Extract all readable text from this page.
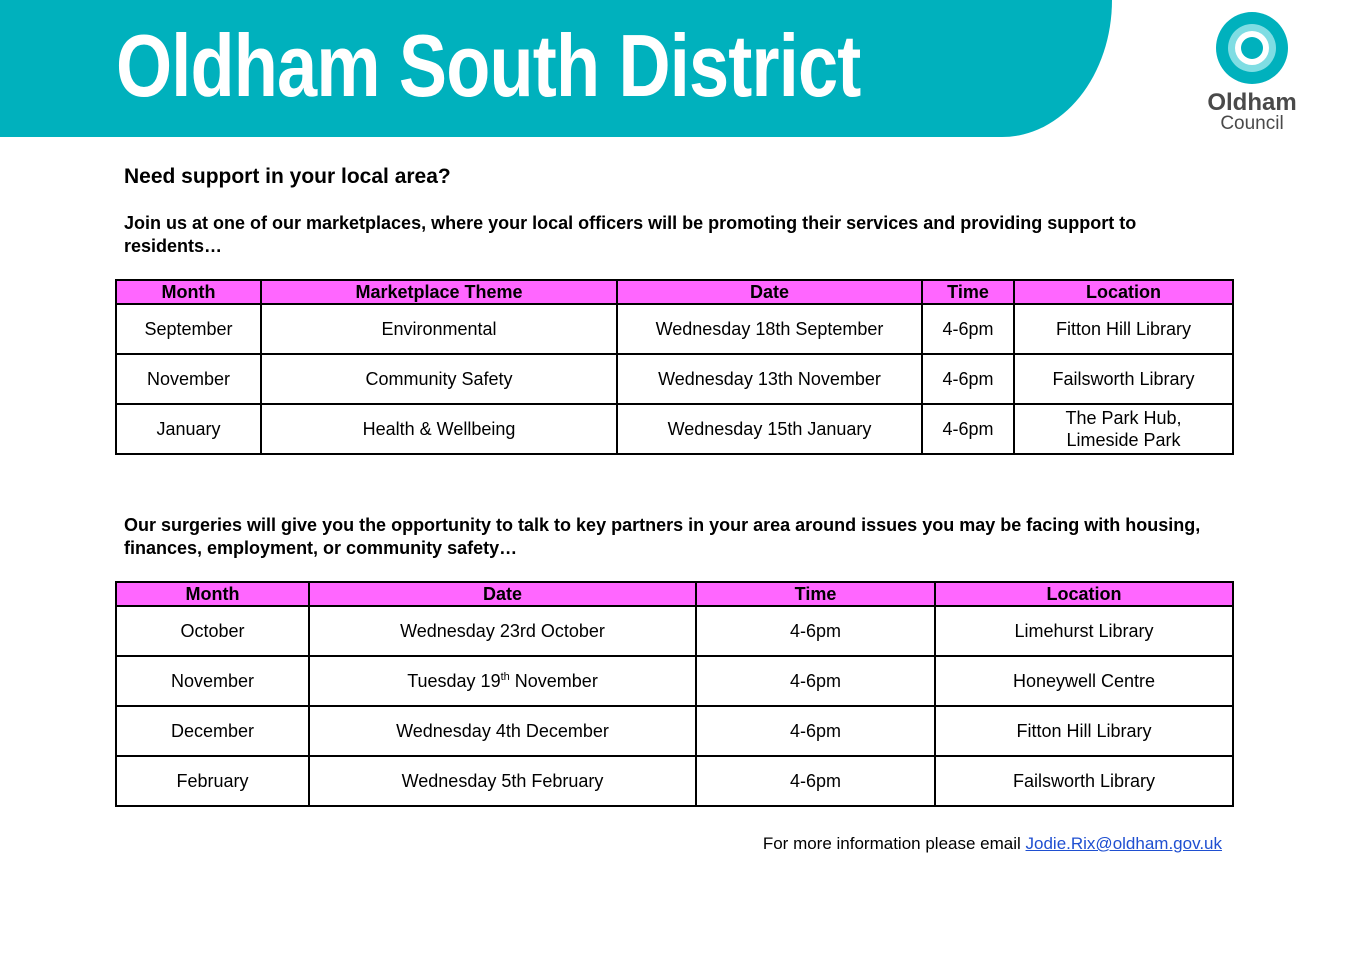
Oldham South District	Oldham
Council
Need support in your local area?

Join us at one of our marketplaces, where your local officers will be promoting their services and providing support to residents…

Month	Marketplace Theme	Date	Time	Location
September	Environmental	Wednesday 18th September	4-6pm	Fitton Hill Library
November	Community Safety	Wednesday 13th November	4-6pm	Failsworth Library
January	Health & Wellbeing	Wednesday 15th January	4-6pm	The Park Hub,
Limeside Park

Our surgeries will give you the opportunity to talk to key partners in your area around issues you may be facing with housing, finances, employment, or community safety…

Month	Date	Time	Location
October	Wednesday 23rd October	4-6pm	Limehurst Library
November	Tuesday 19th November	4-6pm	Honeywell Centre
December	Wednesday 4th December	4-6pm	Fitton Hill Library
February	Wednesday 5th February	4-6pm	Failsworth Library
For more information please email Jodie.Rix@oldham.gov.uk
